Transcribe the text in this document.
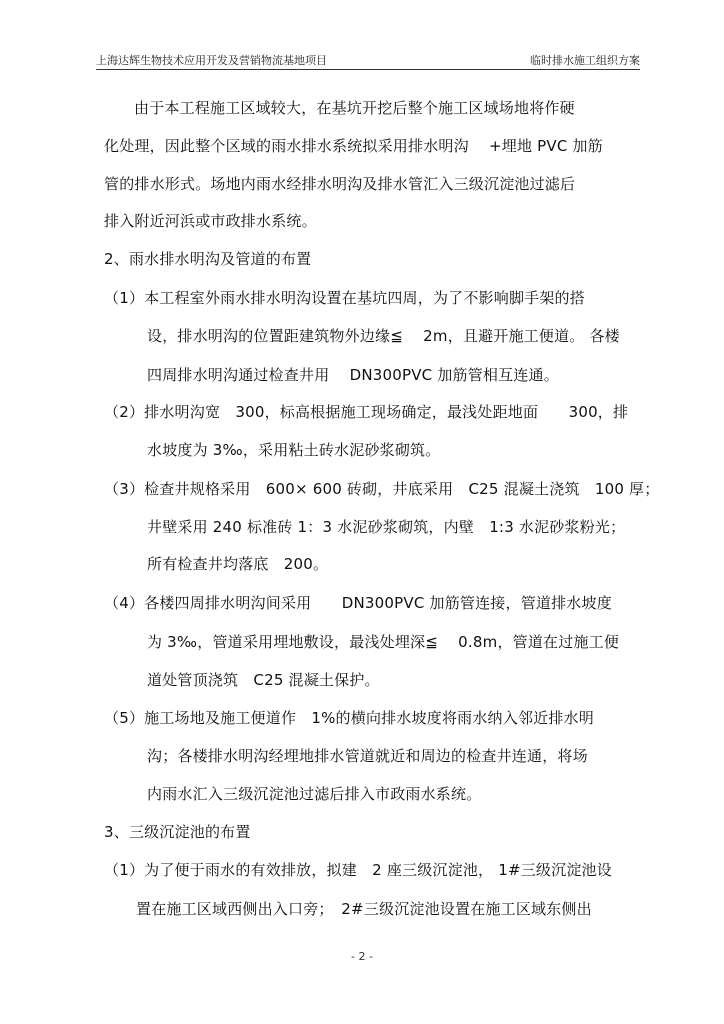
上海达辉生物技术应用开发及营销物流基地项目	临时排水施工组织方案
由于本工程施工区域较大，在基坑开挖后整个施工区域场地将作硬
化处理，因此整个区域的雨水排水系统拟采用排水明沟　 +埋地 PVC 加筋
管的排水形式。场地内雨水经排水明沟及排水管汇入三级沉淀池过滤后
排入附近河浜或市政排水系统。
2、雨水排水明沟及管道的布置
（1）本工程室外雨水排水明沟设置在基坑四周，为了不影响脚手架的搭
设，排水明沟的位置距建筑物外边缘≦　 2m，且避开施工便道。 各楼
四周排水明沟通过检查井用　 DN300PVC 加筋管相互连通。
（2）排水明沟宽　300，标高根据施工现场确定，最浅处距地面　　300，排
水坡度为 3‰，采用粘土砖水泥砂浆砌筑。
（3）检查井规格采用　600× 600 砖砌，井底采用　C25 混凝土浇筑　100 厚；
井壁采用 240 标准砖 1：3 水泥砂浆砌筑，内壁　1:3 水泥砂浆粉光；
所有检查井均落底　200。
（4）各楼四周排水明沟间采用　　DN300PVC 加筋管连接，管道排水坡度
为 3‰，管道采用埋地敷设，最浅处埋深≦　 0.8m，管道在过施工便
道处管顶浇筑　C25 混凝土保护。
（5）施工场地及施工便道作　1%的横向排水坡度将雨水纳入邻近排水明
沟；各楼排水明沟经埋地排水管道就近和周边的检查井连通，将场
内雨水汇入三级沉淀池过滤后排入市政雨水系统。
3、三级沉淀池的布置
（1）为了便于雨水的有效排放，拟建　2 座三级沉淀池， 1#三级沉淀池设
置在施工区域西侧出入口旁；　2#三级沉淀池设置在施工区域东侧出
- 2 -
